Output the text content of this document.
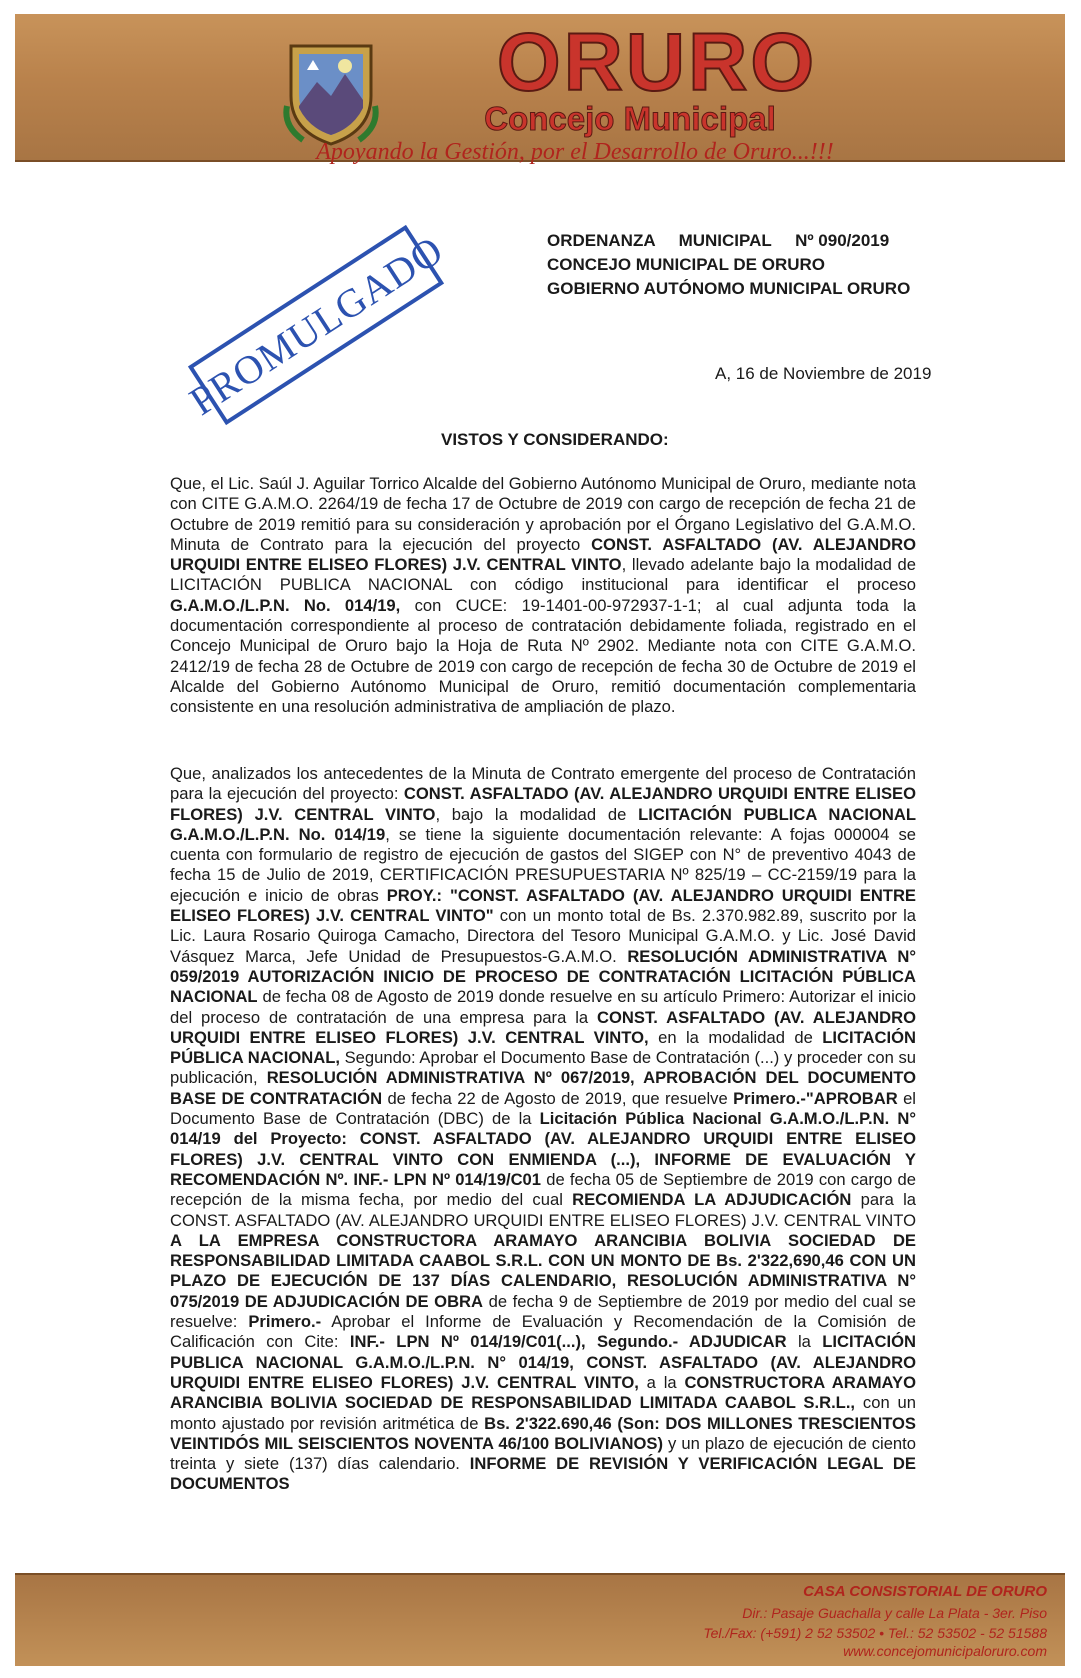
ORURO
Concejo Municipal
Apoyando la Gestión, por el Desarrollo de Oruro...!!!
PROMULGADO	ORDENANZA     MUNICIPAL     Nº 090/2019
CONCEJO MUNICIPAL DE ORURO
GOBIERNO AUTÓNOMO MUNICIPAL ORURO
A, 16 de Noviembre de 2019
VISTOS Y CONSIDERANDO:
Que, el Lic. Saúl J. Aguilar Torrico Alcalde del Gobierno Autónomo Municipal de Oruro, mediante nota con CITE G.A.M.O. 2264/19 de fecha 17 de Octubre de 2019 con cargo de recepción de fecha 21 de Octubre de 2019 remitió para su consideración y aprobación por el Órgano Legislativo del G.A.M.O. Minuta de Contrato para la ejecución del proyecto CONST. ASFALTADO (AV. ALEJANDRO URQUIDI ENTRE ELISEO FLORES) J.V. CENTRAL VINTO, llevado adelante bajo la modalidad de LICITACIÓN PUBLICA NACIONAL con código institucional para identificar el proceso G.A.M.O./L.P.N. No. 014/19, con CUCE: 19-1401-00-972937-1-1; al cual adjunta toda la documentación correspondiente al proceso de contratación debidamente foliada, registrado en el Concejo Municipal de Oruro bajo la Hoja de Ruta Nº 2902. Mediante nota con CITE G.A.M.O. 2412/19 de fecha 28 de Octubre de 2019 con cargo de recepción de fecha 30 de Octubre de 2019 el Alcalde del Gobierno Autónomo Municipal de Oruro, remitió documentación complementaria consistente en una resolución administrativa de ampliación de plazo.
Que, analizados los antecedentes de la Minuta de Contrato emergente del proceso de Contratación para la ejecución del proyecto: CONST. ASFALTADO (AV. ALEJANDRO URQUIDI ENTRE ELISEO FLORES) J.V. CENTRAL VINTO, bajo la modalidad de LICITACIÓN PUBLICA NACIONAL G.A.M.O./L.P.N. No. 014/19, se tiene la siguiente documentación relevante: A fojas 000004 se cuenta con formulario de registro de ejecución de gastos del SIGEP con N° de preventivo 4043 de fecha 15 de Julio de 2019, CERTIFICACIÓN PRESUPUESTARIA Nº 825/19 – CC-2159/19 para la ejecución e inicio de obras PROY.: "CONST. ASFALTADO (AV. ALEJANDRO URQUIDI ENTRE ELISEO FLORES) J.V. CENTRAL VINTO" con un monto total de Bs. 2.370.982.89, suscrito por la Lic. Laura Rosario Quiroga Camacho, Directora del Tesoro Municipal G.A.M.O. y Lic. José David Vásquez Marca, Jefe Unidad de Presupuestos-G.A.M.O. RESOLUCIÓN ADMINISTRATIVA N° 059/2019 AUTORIZACIÓN INICIO DE PROCESO DE CONTRATACIÓN LICITACIÓN PÚBLICA NACIONAL de fecha 08 de Agosto de 2019 donde resuelve en su artículo Primero: Autorizar el inicio del proceso de contratación de una empresa para la CONST. ASFALTADO (AV. ALEJANDRO URQUIDI ENTRE ELISEO FLORES) J.V. CENTRAL VINTO, en la modalidad de LICITACIÓN PÚBLICA NACIONAL, Segundo: Aprobar el Documento Base de Contratación (...) y proceder con su publicación, RESOLUCIÓN ADMINISTRATIVA Nº 067/2019, APROBACIÓN DEL DOCUMENTO BASE DE CONTRATACIÓN de fecha 22 de Agosto de 2019, que resuelve Primero.-"APROBAR el Documento Base de Contratación (DBC) de la Licitación Pública Nacional G.A.M.O./L.P.N. N° 014/19 del Proyecto: CONST. ASFALTADO (AV. ALEJANDRO URQUIDI ENTRE ELISEO FLORES) J.V. CENTRAL VINTO CON ENMIENDA (...), INFORME DE EVALUACIÓN Y RECOMENDACIÓN Nº. INF.- LPN Nº 014/19/C01 de fecha 05 de Septiembre de 2019 con cargo de recepción de la misma fecha, por medio del cual RECOMIENDA LA ADJUDICACIÓN para la CONST. ASFALTADO (AV. ALEJANDRO URQUIDI ENTRE ELISEO FLORES) J.V. CENTRAL VINTO A LA EMPRESA CONSTRUCTORA ARAMAYO ARANCIBIA BOLIVIA SOCIEDAD DE RESPONSABILIDAD LIMITADA CAABOL S.R.L. CON UN MONTO DE Bs. 2'322,690,46 CON UN PLAZO DE EJECUCIÓN DE 137 DÍAS CALENDARIO, RESOLUCIÓN ADMINISTRATIVA N° 075/2019 DE ADJUDICACIÓN DE OBRA de fecha 9 de Septiembre de 2019 por medio del cual se resuelve: Primero.- Aprobar el Informe de Evaluación y Recomendación de la Comisión de Calificación con Cite: INF.- LPN Nº 014/19/C01(...), Segundo.- ADJUDICAR la LICITACIÓN PUBLICA NACIONAL G.A.M.O./L.P.N. N° 014/19, CONST. ASFALTADO (AV. ALEJANDRO URQUIDI ENTRE ELISEO FLORES) J.V. CENTRAL VINTO, a la CONSTRUCTORA ARAMAYO ARANCIBIA BOLIVIA SOCIEDAD DE RESPONSABILIDAD LIMITADA CAABOL S.R.L., con un monto ajustado por revisión aritmética de Bs. 2'322.690,46 (Son: DOS MILLONES TRESCIENTOS VEINTIDÓS MIL SEISCIENTOS NOVENTA 46/100 BOLIVIANOS) y un plazo de ejecución de ciento treinta y siete (137) días calendario. INFORME DE REVISIÓN Y VERIFICACIÓN LEGAL DE DOCUMENTOS
CASA CONSISTORIAL DE ORURO
Dir.: Pasaje Guachalla y calle La Plata - 3er. Piso
Tel./Fax: (+591) 2 52 53502 • Tel.: 52 53502 - 52 51588
www.concejomunicipaloruro.com
